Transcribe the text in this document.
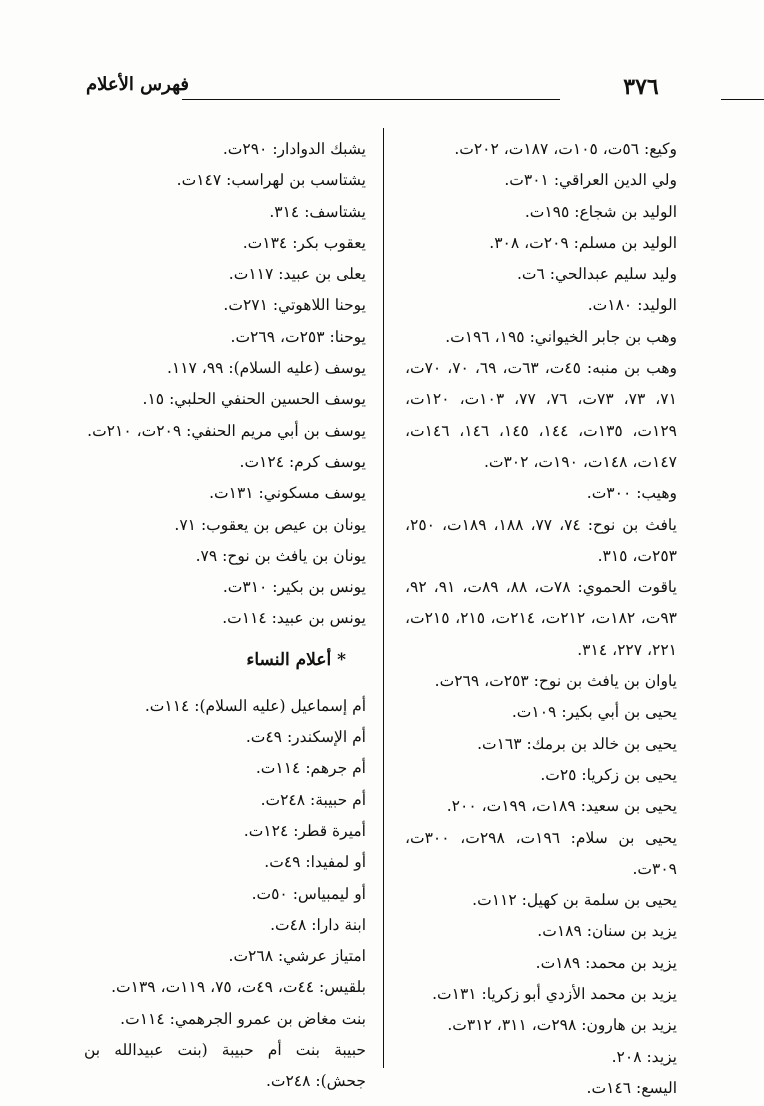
فهرس الأعلام	٣٧٦
وكيع: ٥٦ت، ١٠٥ت، ١٨٧ت، ٢٠٢ت.
ولي الدين العراقي: ٣٠١ت.
الوليد بن شجاع: ١٩٥ت.
الوليد بن مسلم: ٢٠٩ت، ٣٠٨.
وليد سليم عبدالحي: ٦ت.
الوليد: ١٨٠ت.
وهب بن جابر الخيواني: ١٩٥، ١٩٦ت.
وهب بن منبه: ٤٥ت، ٦٣ت، ٦٩، ٧٠، ٧٠ت، ٧١، ٧٣، ٧٣ت، ٧٦، ٧٧، ١٠٣ت، ١٢٠ت، ١٢٩ت، ١٣٥ت، ١٤٤، ١٤٥، ١٤٦، ١٤٦ت، ١٤٧ت، ١٤٨ت، ١٩٠ت، ٣٠٢ت.
وهيب: ٣٠٠ت.
يافث بن نوح: ٧٤، ٧٧، ١٨٨، ١٨٩ت، ٢٥٠، ٢٥٣ت، ٣١٥.
ياقوت الحموي: ٧٨ت، ٨٨، ٨٩ت، ٩١، ٩٢، ٩٣ت، ١٨٢ت، ٢١٢ت، ٢١٤ت، ٢١٥، ٢١٥ت، ٢٢١، ٢٢٧، ٣١٤.
ياوان بن يافث بن نوح: ٢٥٣ت، ٢٦٩ت.
يحيى بن أبي بكير: ١٠٩ت.
يحيى بن خالد بن برمك: ١٦٣ت.
يحيى بن زكريا: ٢٥ت.
يحيى بن سعيد: ١٨٩ت، ١٩٩ت، ٢٠٠.
يحيى بن سلام: ١٩٦ت، ٢٩٨ت، ٣٠٠ت، ٣٠٩ت.
يحيى بن سلمة بن كهيل: ١١٢ت.
يزيد بن سنان: ١٨٩ت.
يزيد بن محمد: ١٨٩ت.
يزيد بن محمد الأزدي أبو زكريا: ١٣١ت.
يزيد بن هارون: ٢٩٨ت، ٣١١، ٣١٢ت.
يزيد: ٢٠٨.
اليسع: ١٤٦ت.
يشبك الدوادار: ٢٩٠ت.
يشتاسب بن لهراسب: ١٤٧ت.
يشتاسف: ٣١٤.
يعقوب بكر: ١٣٤ت.
يعلى بن عبيد: ١١٧ت.
يوحنا اللاهوتي: ٢٧١ت.
يوحنا: ٢٥٣ت، ٢٦٩ت.
يوسف (عليه السلام): ٩٩، ١١٧.
يوسف الحسين الحنفي الحلبي: ١٥.
يوسف بن أبي مريم الحنفي: ٢٠٩ت، ٢١٠ت.
يوسف كرم: ١٢٤ت.
يوسف مسكوني: ١٣١ت.
يونان بن عيص بن يعقوب: ٧١.
يونان بن يافث بن نوح: ٧٩.
يونس بن بكير: ٣١٠ت.
يونس بن عبيد: ١١٤ت.
* أعلام النساء
أم إسماعيل (عليه السلام): ١١٤ت.
أم الإسكندر: ٤٩ت.
أم جرهم: ١١٤ت.
أم حبيبة: ٢٤٨ت.
أميرة قطر: ١٢٤ت.
أو لمفيدا: ٤٩ت.
أو ليمبياس: ٥٠ت.
ابنة دارا: ٤٨ت.
امتياز عرشي: ٢٦٨ت.
بلقيس: ٤٤ت، ٤٩ت، ٧٥، ١١٩ت، ١٣٩ت.
بنت مغاض بن عمرو الجرهمي: ١١٤ت.
حبيبة بنت أم حبيبة (بنت عبيدالله بن جحش): ٢٤٨ت.
